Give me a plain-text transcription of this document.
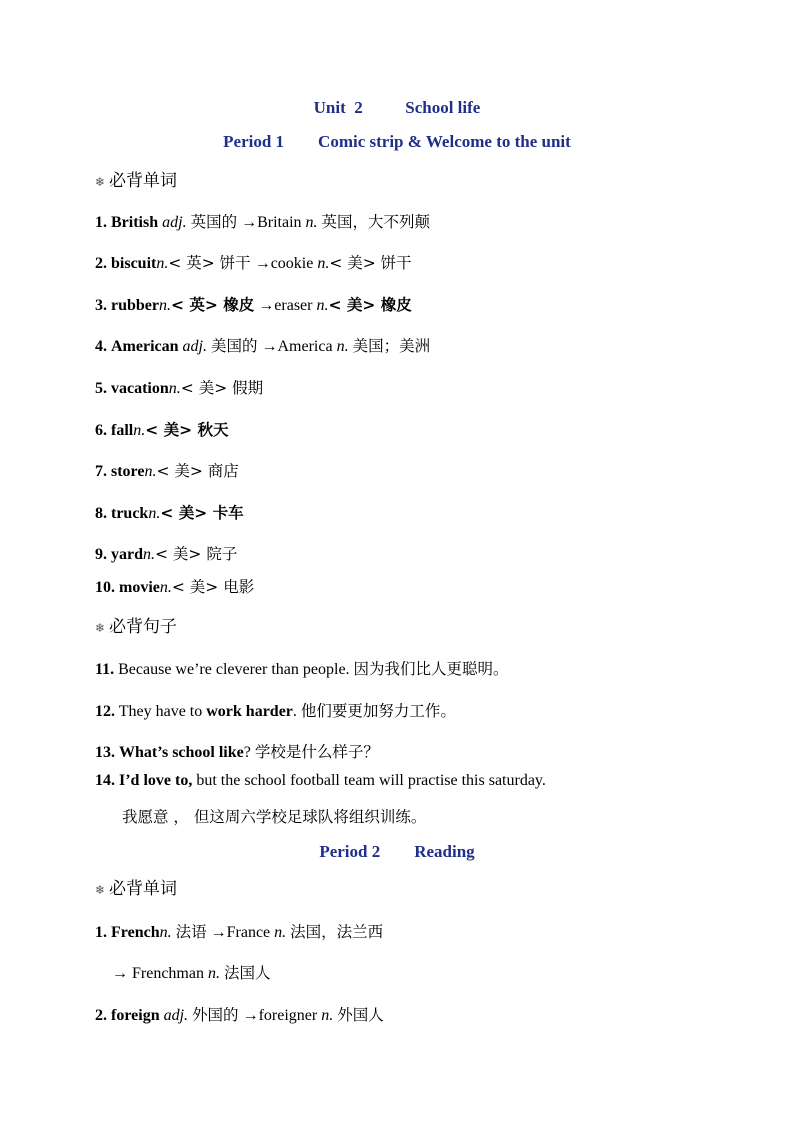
Unit  2          School life
Period 1        Comic strip & Welcome to the unit
❄ 必背单词
1. British adj. 英国的 →Britain n. 英国，大不列颠
2. biscuitn.< 英> 饼干 →cookie n.< 美> 饼干
3. rubbern.< 英> 橡皮 →eraser n.< 美> 橡皮
4. American adj. 美国的 →America n. 美国；美洲
5. vacationn.< 美> 假期
6. falln.< 美> 秋天
7. storen.< 美> 商店
8. truckn.< 美> 卡车
9. yardn.< 美> 院子
10. movien.< 美> 电影
❄ 必背句子
11. Because we’re cleverer than people. 因为我们比人更聪明。
12. They have to work harder. 他们要更加努力工作。
13. What’s school like? 学校是什么样子？
14. I’d love to, but the school football team will practise this saturday.
我愿意 ， 但这周六学校足球队将组织训练。
Period 2        Reading
❄ 必背单词
1. Frenchn. 法语 →France n. 法国，法兰西
→ Frenchman n. 法国人
2. foreign adj. 外国的 →foreigner n. 外国人
